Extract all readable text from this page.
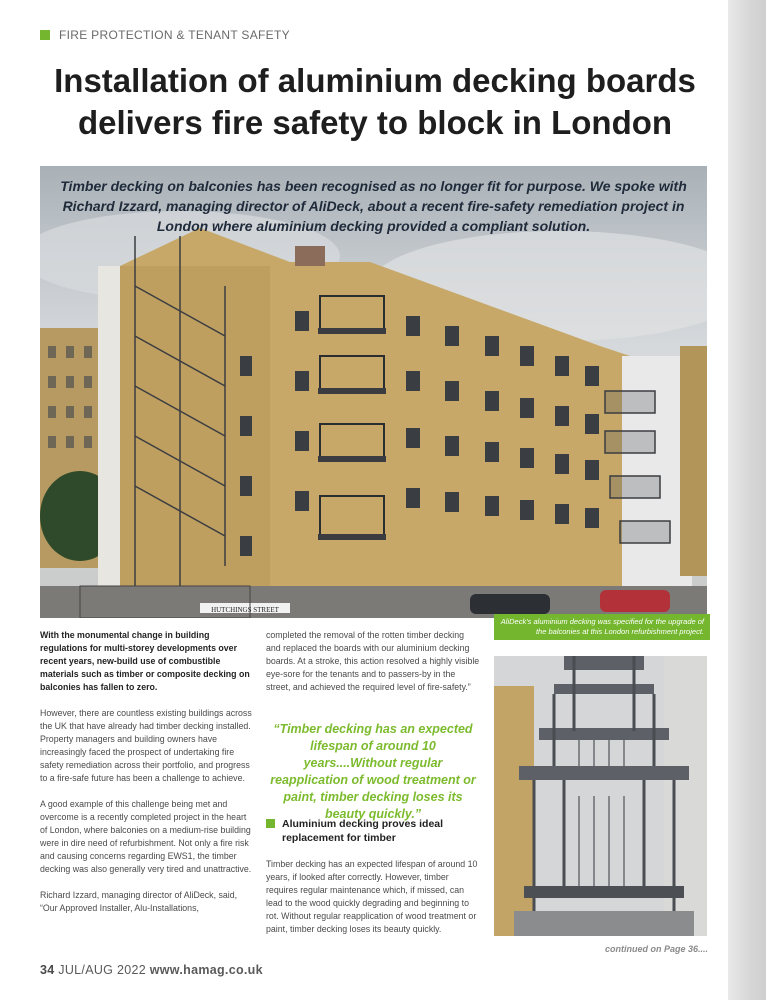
FIRE PROTECTION & TENANT SAFETY
Installation of aluminium decking boards
delivers fire safety to block in London
HUTCHINGS STREET
Timber decking on balconies has been recognised as no longer fit for purpose. We spoke with Richard Izzard, managing director of AliDeck, about a recent fire-safety remediation project in London where aluminium decking provided a compliant solution.
AliDeck's aluminium decking was specified for the upgrade of the balconies at this London refurbishment project.

With the monumental change in building regulations for multi-storey developments over recent years, new-build use of combustible materials such as timber or composite decking on balconies has fallen to zero.

However, there are countless existing buildings across the UK that have already had timber decking installed. Property managers and building owners have increasingly faced the prospect of undertaking fire safety remediation across their portfolio, and progress to a fire-safe future has been a challenge to achieve.

A good example of this challenge being met and overcome is a recently completed project in the heart of London, where balconies on a medium-rise building were in dire need of refurbishment. Not only a fire risk and causing concerns regarding EWS1, the timber decking was also generally very tired and unattractive.

Richard Izzard, managing director of AliDeck, said, “Our Approved Installer, Alu-Installations,

completed the removal of the rotten timber decking and replaced the boards with our aluminium decking boards. At a stroke, this action resolved a highly visible eye-sore for the tenants and to passers-by in the street, and achieved the required level of fire-safety.”

“Timber decking has an expected lifespan of around 10 years....Without regular reapplication of wood treatment or paint, timber decking loses its beauty quickly.”
Aluminium decking proves ideal replacement for timber

Timber decking has an expected lifespan of around 10 years, if looked after correctly. However, timber requires regular maintenance which, if missed, can lead to the wood quickly degrading and beginning to rot. Without regular reapplication of wood treatment or paint, timber decking loses its beauty quickly.

continued on Page 36....
34 JUL/AUG 2022 www.hamag.co.uk
